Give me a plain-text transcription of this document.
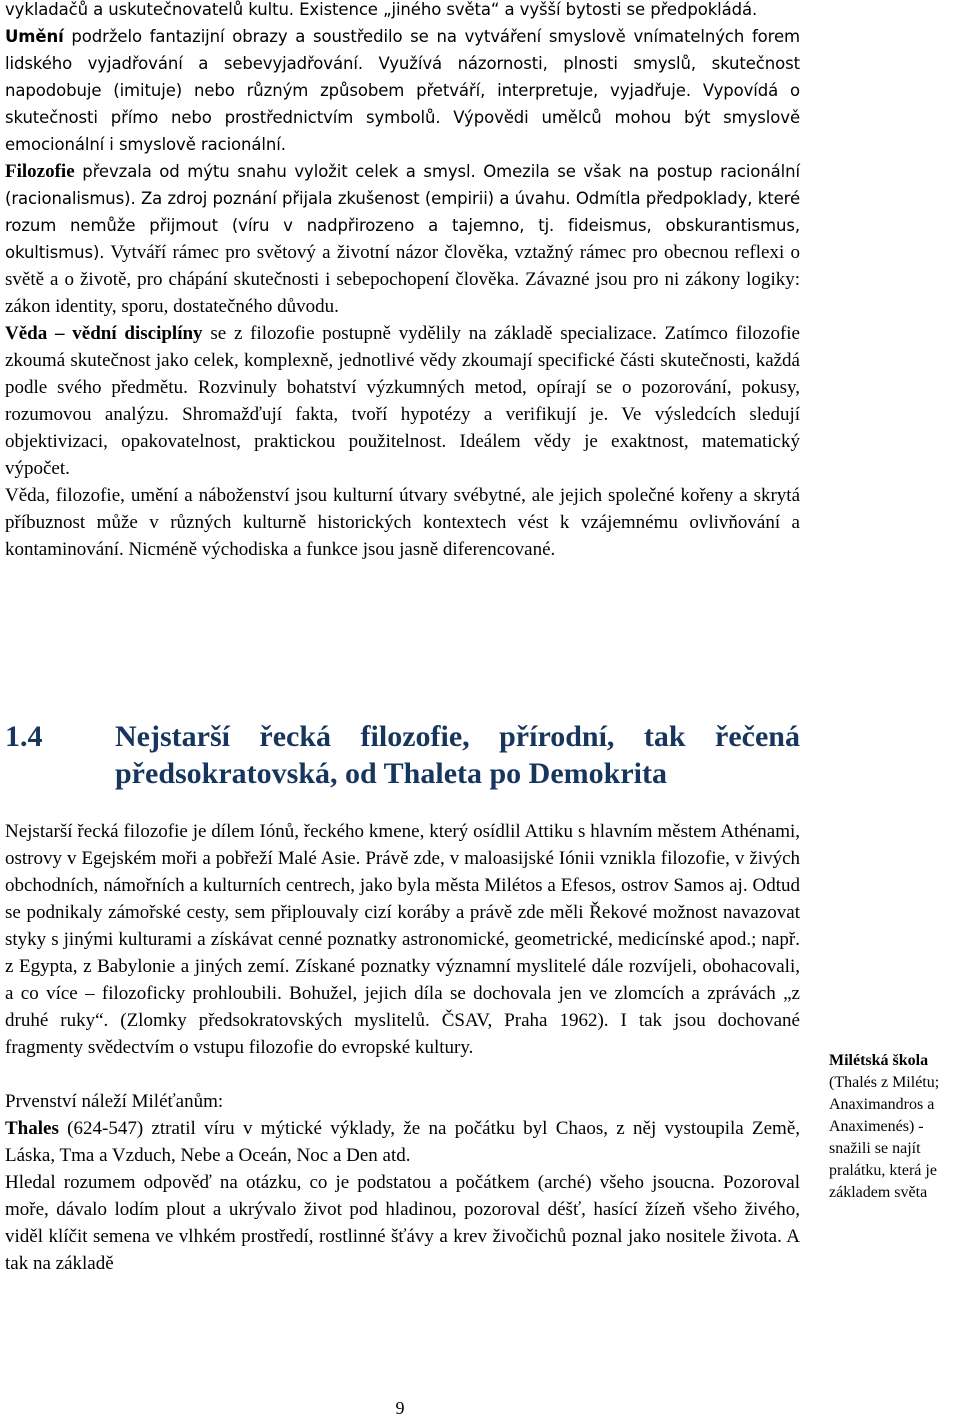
vykladačů a uskutečnovatelů kultu. Existence „jiného světa“ a vyšší bytosti se předpokládá.

Umění podrželo fantazijní obrazy a soustředilo se na vytváření smyslově vnímatelných forem lidského vyjadřování a sebevyjadřování. Využívá názornosti, plnosti smyslů, skutečnost napodobuje (imituje) nebo různým způsobem přetváří, interpretuje, vyjadřuje. Vypovídá o skutečnosti přímo nebo prostřednictvím symbolů. Výpovědi umělců mohou být smyslově emocionální i smyslově racionální.

Filozofie převzala od mýtu snahu vyložit celek a smysl. Omezila se však na postup racionální (racionalismus). Za zdroj poznání přijala zkušenost (empirii) a úvahu. Odmítla předpoklady, které rozum nemůže přijmout (víru v nadpřirozeno a tajemno, tj. fideismus, obskurantismus, okultismus). Vytváří rámec pro světový a životní názor člověka, vztažný rámec pro obecnou reflexi o světě a o životě, pro chápání skutečnosti i sebepochopení člověka. Závazné jsou pro ni zákony logiky: zákon identity, sporu, dostatečného důvodu.

Věda – vědní disciplíny se z filozofie postupně vydělily na základě specializace. Zatímco filozofie zkoumá skutečnost jako celek, komplexně, jednotlivé vědy zkoumají specifické části skutečnosti, každá podle svého předmětu. Rozvinuly bohatství výzkumných metod, opírají se o pozorování, pokusy, rozumovou analýzu. Shromažďují fakta, tvoří hypotézy a verifikují je. Ve výsledcích sledují objektivizaci, opakovatelnost, praktickou použitelnost. Ideálem vědy je exaktnost, matematický výpočet.

Věda, filozofie, umění a náboženství jsou kulturní útvary svébytné, ale jejich společné kořeny a skrytá příbuznost může v různých kulturně historických kontextech vést k vzájemnému ovlivňování a kontaminování. Nicméně východiska a funkce jsou jasně diferencované.

1.4	Nejstarší řecká filozofie, přírodní, tak řečená předsokratovská, od Thaleta po Demokrita

Nejstarší řecká filozofie je dílem Iónů, řeckého kmene, který osídlil Attiku s hlavním městem Athénami, ostrovy v Egejském moři a pobřeží Malé Asie. Právě zde, v maloasijské Iónii vznikla filozofie, v živých obchodních, námořních a kulturních centrech, jako byla města Milétos a Efesos, ostrov Samos aj. Odtud se podnikaly zámořské cesty, sem připlouvaly cizí koráby a právě zde měli Řekové možnost navazovat styky s jinými kulturami a získávat cenné poznatky astronomické, geometrické, medicínské apod.; např. z Egypta, z Babylonie a jiných zemí. Získané poznatky významní myslitelé dále rozvíjeli, obohacovali, a co více – filozoficky prohloubili. Bohužel, jejich díla se dochovala jen ve zlomcích a zprávách „z druhé ruky“. (Zlomky předsokratovských myslitelů. ČSAV, Praha 1962). I tak jsou dochované fragmenty svědectvím o vstupu filozofie do evropské kultury.

Prvenství náleží Miléťanům:

Thales (624-547) ztratil víru v mýtické výklady, že na počátku byl Chaos, z něj vystoupila Země, Láska, Tma a Vzduch, Nebe a Oceán, Noc a Den atd.

Hledal rozumem odpověď na otázku, co je podstatou a počátkem (arché) všeho jsoucna. Pozoroval moře, dávalo lodím plout a ukrývalo život pod hladinou, pozoroval déšť, hasící žízeň všeho živého, viděl klíčit semena ve vlhkém prostředí, rostlinné šťávy a krev živočichů poznal jako nositele života. A tak na základě

Milétská škola (Thalés z Milétu; Anaximandros a Anaximenés) - snažili se najít pralátku, která je základem světa
9
